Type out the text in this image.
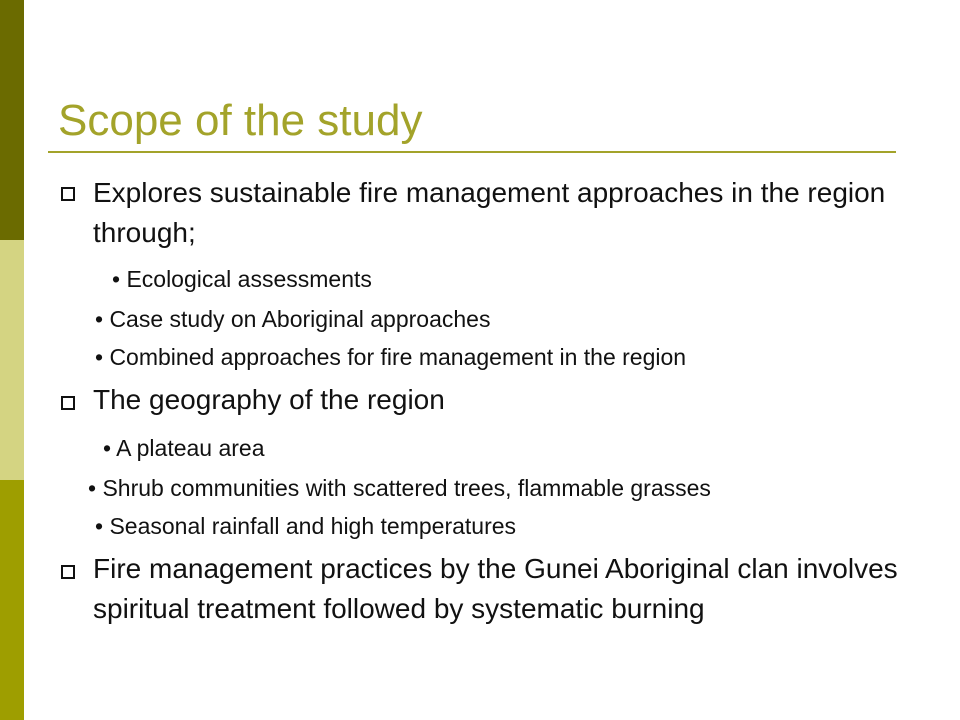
Scope of the study
Explores sustainable fire management approaches in the region through;
• Ecological assessments
• Case study on Aboriginal approaches
• Combined approaches for fire management in the region
The geography of the region
• A plateau area
• Shrub communities with scattered trees, flammable grasses
• Seasonal rainfall and high temperatures
Fire management practices by the Gunei Aboriginal clan involves spiritual treatment followed by systematic burning
